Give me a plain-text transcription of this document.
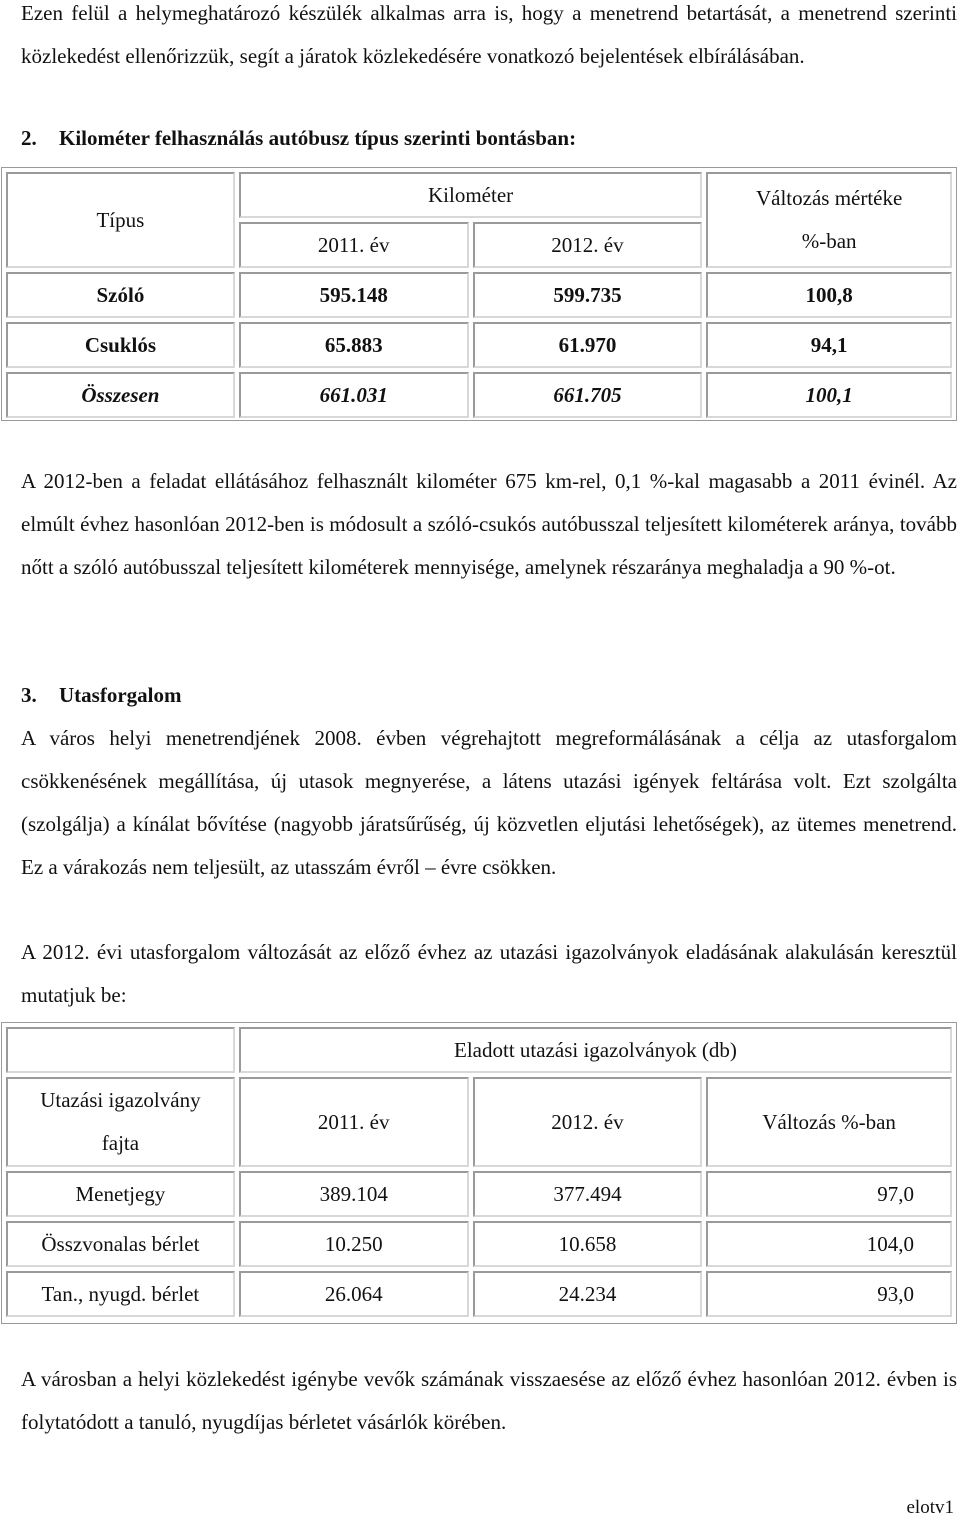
Ezen felül a helymeghatározó készülék alkalmas arra is, hogy a menetrend betartását, a menetrend szerinti közlekedést ellenőrizzük, segít a járatok közlekedésére vonatkozó bejelentések elbírálásában.

2. Kilométer felhasználás autóbusz típus szerinti bontásban:
Típus	Kilométer		Változás mértéke
%-ban

	2011. év	2012. év	
Szóló	595.148	599.735	100,8
Csuklós	65.883	61.970	94,1
Összesen	661.031	661.705	100,1

A 2012-ben a feladat ellátásához felhasznált kilométer 675 km-rel, 0,1 %-kal magasabb a 2011 évinél. Az elmúlt évhez hasonlóan 2012-ben is módosult a szóló-csukós autóbusszal teljesített kilométerek aránya, tovább nőtt a szóló autóbusszal teljesített kilométerek mennyisége, amelynek részaránya meghaladja a 90 %-ot.

3. Utasforgalom

A város helyi menetrendjének 2008. évben végrehajtott megreformálásának a célja az utasforgalom csökkenésének megállítása, új utasok megnyerése, a látens utazási igények feltárása volt. Ezt szolgálta (szolgálja) a kínálat bővítése (nagyobb járatsűrűség, új közvetlen eljutási lehetőségek), az ütemes menetrend. Ez a várakozás nem teljesült, az utasszám évről – évre csökken.

A 2012. évi utasforgalom változását az előző évhez az utazási igazolványok eladásának alakulásán keresztül mutatjuk be:

	Eladott utazási igazolványok (db)		

Utazási igazolvány
fajta	2011. év	2012. év	Változás %-ban
Menetjegy	389.104	377.494	97,0
Összvonalas bérlet	10.250	10.658	104,0
Tan., nyugd. bérlet	26.064	24.234	93,0

A városban a helyi közlekedést igénybe vevők számának visszaesése az előző évhez hasonlóan 2012. évben is folytatódott a tanuló, nyugdíjas bérletet vásárlók körében.

elotv1
